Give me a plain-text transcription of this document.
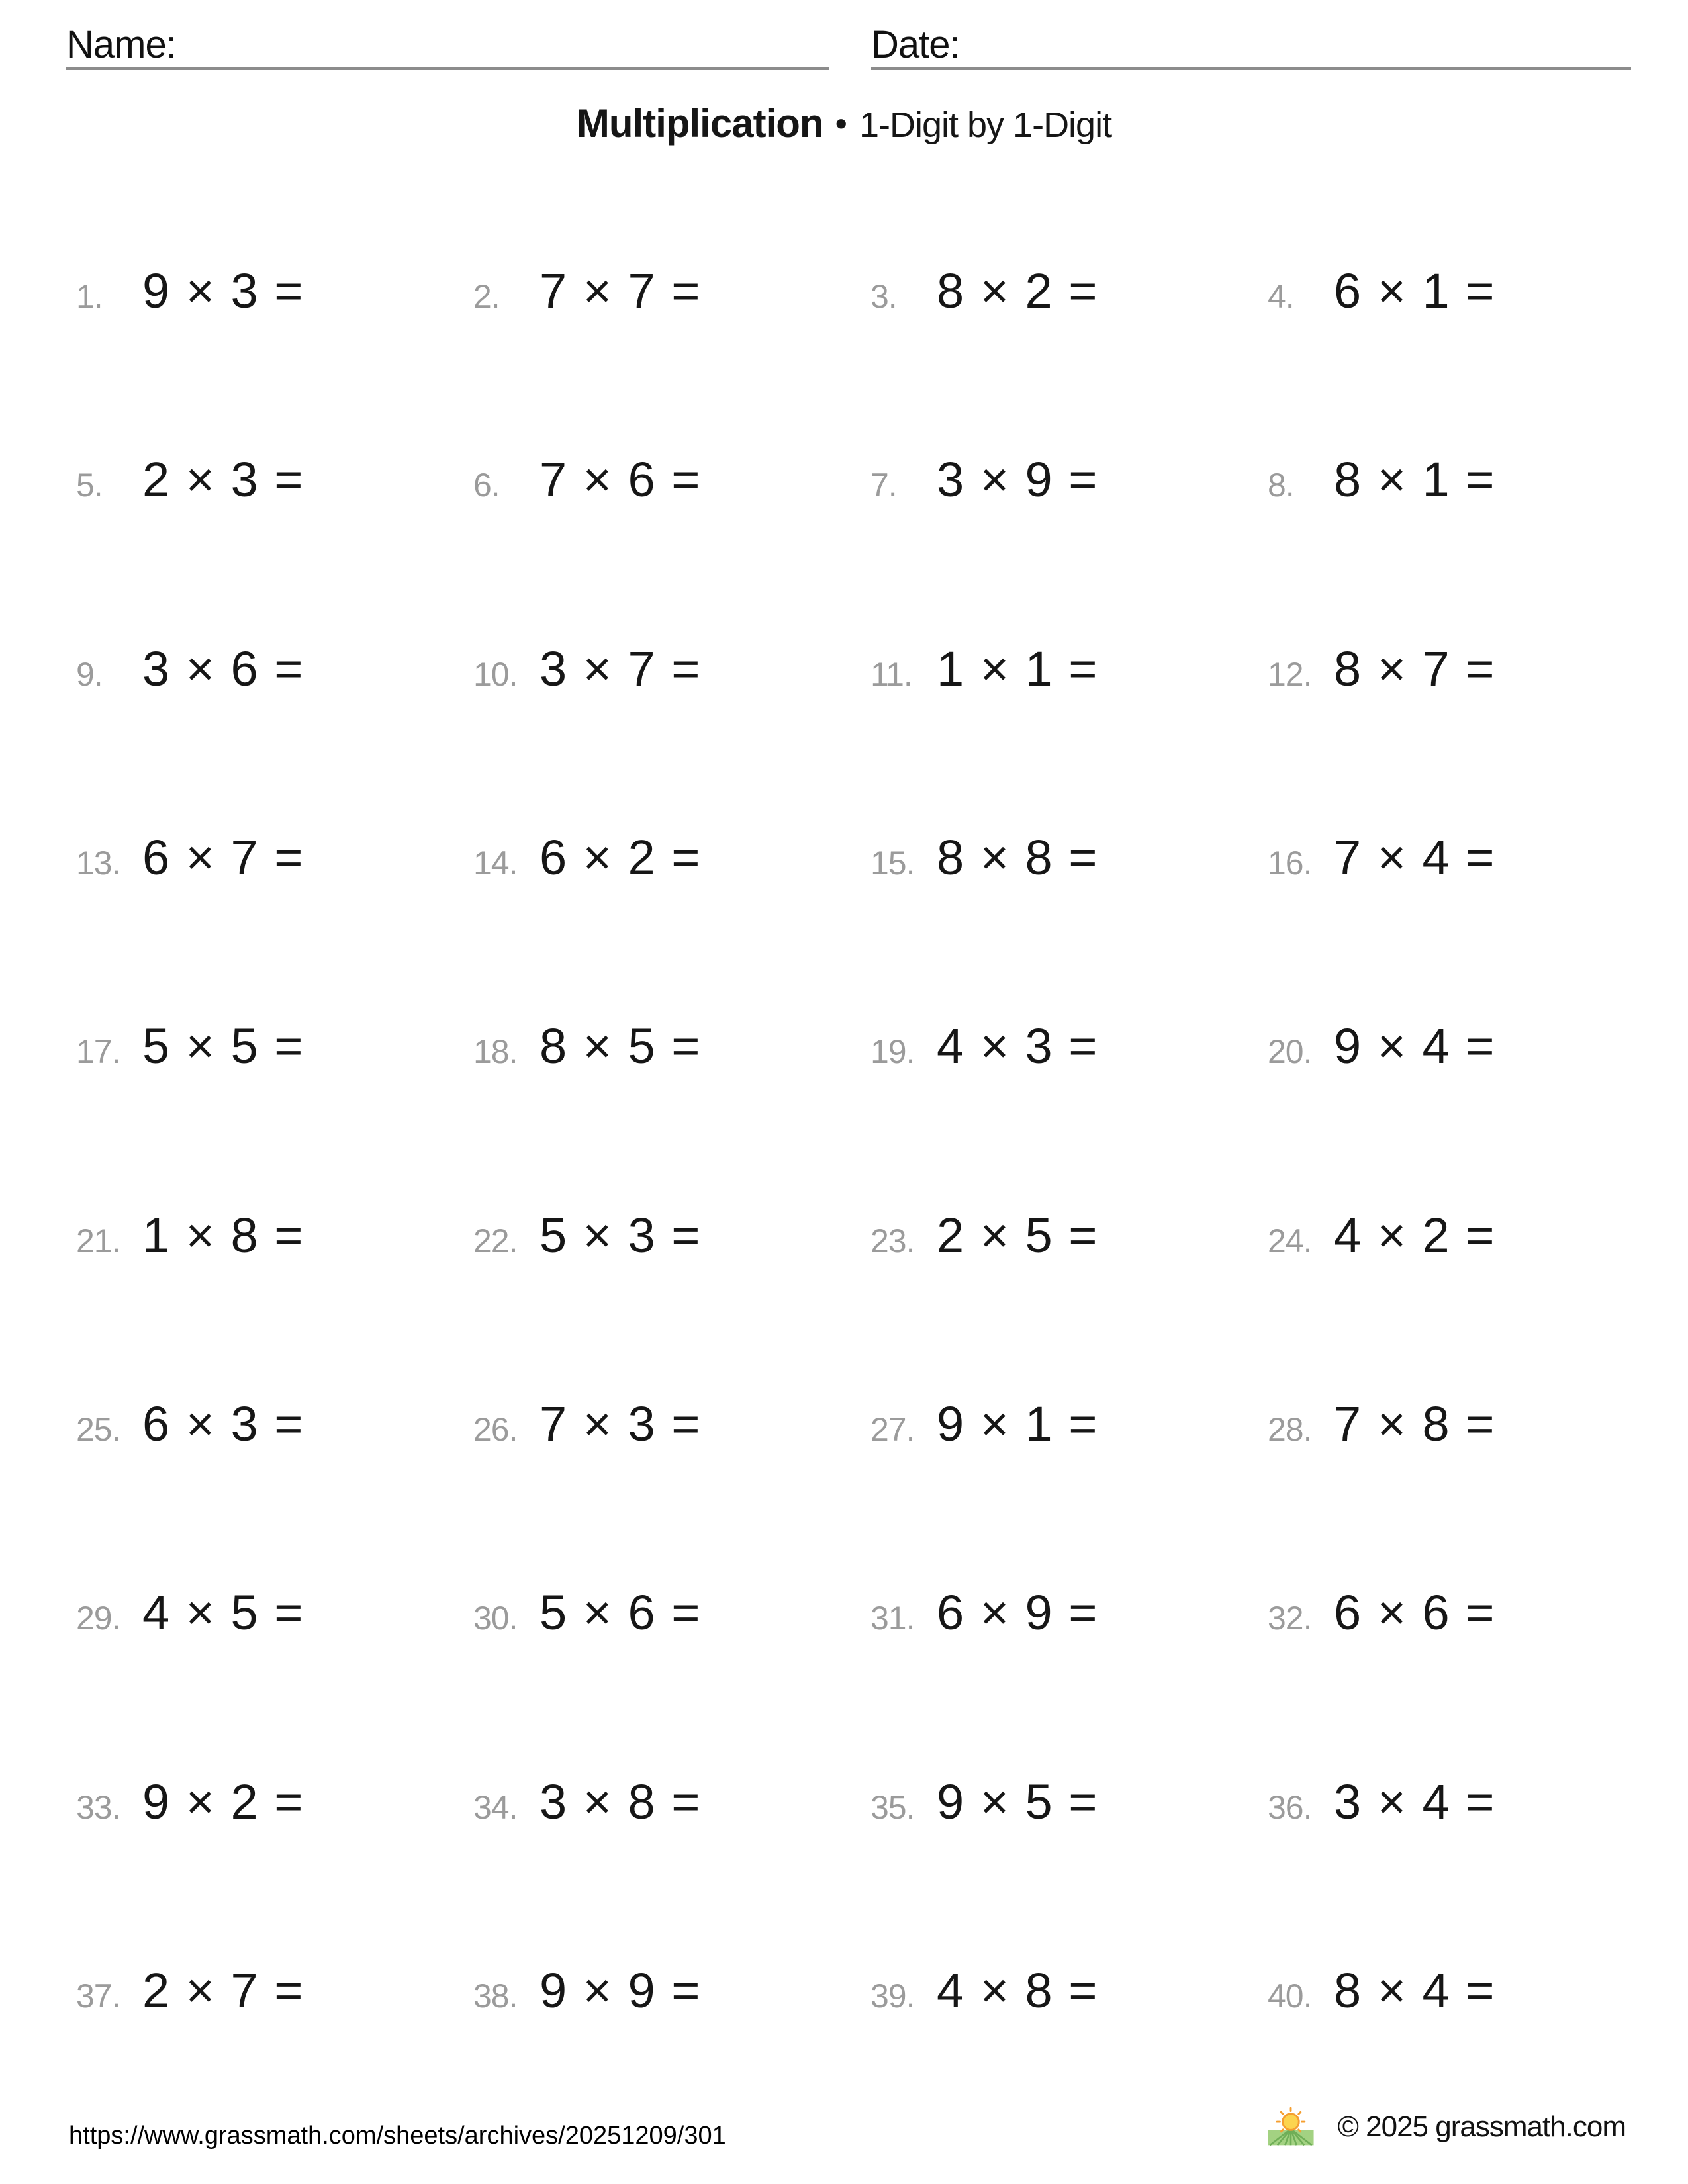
Name:	Date:
Multiplication • 1-Digit by 1-Digit
1. 9 × 3 =	2. 7 × 7 =	3. 8 × 2 =	4. 6 × 1 =
5. 2 × 3 =	6. 7 × 6 =	7. 3 × 9 =	8. 8 × 1 =
9. 3 × 6 =	10. 3 × 7 =	11. 1 × 1 =	12. 8 × 7 =
13. 6 × 7 =	14. 6 × 2 =	15. 8 × 8 =	16. 7 × 4 =
17. 5 × 5 =	18. 8 × 5 =	19. 4 × 3 =	20. 9 × 4 =
21. 1 × 8 =	22. 5 × 3 =	23. 2 × 5 =	24. 4 × 2 =
25. 6 × 3 =	26. 7 × 3 =	27. 9 × 1 =	28. 7 × 8 =
29. 4 × 5 =	30. 5 × 6 =	31. 6 × 9 =	32. 6 × 6 =
33. 9 × 2 =	34. 3 × 8 =	35. 9 × 5 =	36. 3 × 4 =
37. 2 × 7 =	38. 9 × 9 =	39. 4 × 8 =	40. 8 × 4 =
https://www.grassmath.com/sheets/archives/20251209/301	© 2025 grassmath.com
